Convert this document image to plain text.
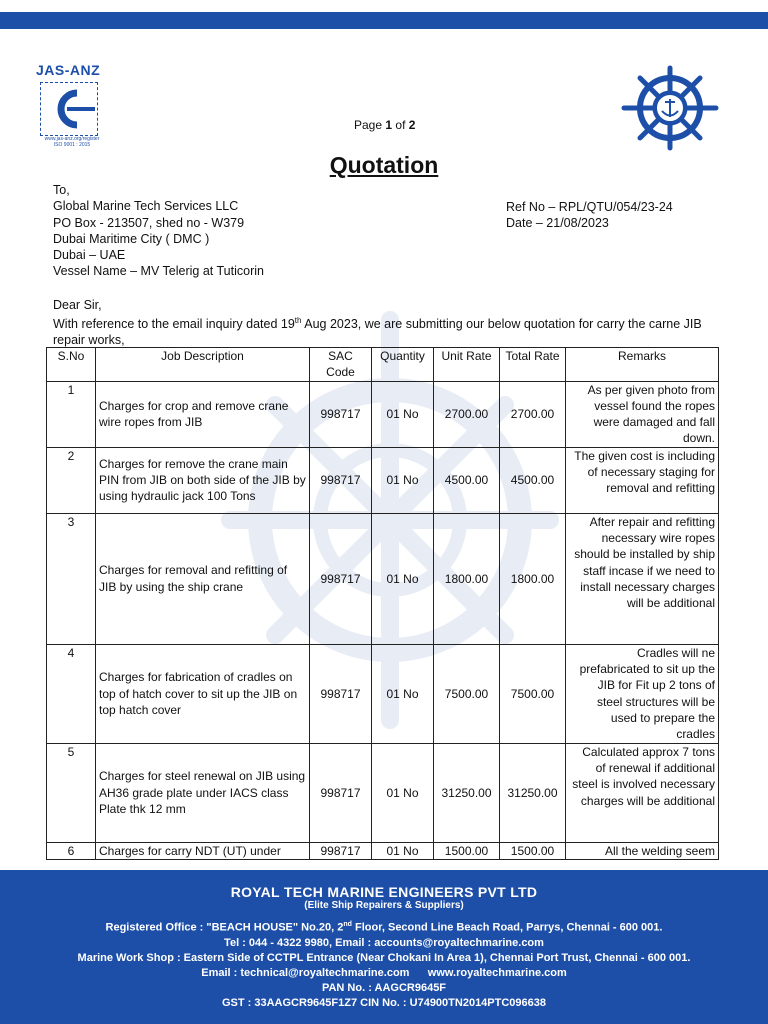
JAS-ANZ
www.jas-anz.org/register
ISO 9001 : 2015
Page 1 of 2
Quotation
To,
Global Marine Tech Services LLC
PO Box - 213507, shed no - W379
Dubai Maritime City ( DMC )
Dubai – UAE
Vessel Name – MV Telerig at Tuticorin
Ref No – RPL/QTU/054/23-24
Date – 21/08/2023
Dear Sir,
With reference to the email inquiry dated 19th Aug 2023, we are submitting our below quotation for carry the carne JIB repair works,
S.No	Job Description	SAC Code	Quantity	Unit Rate	Total Rate	Remarks
1	Charges for crop and remove crane wire ropes from JIB	998717	01 No	2700.00	2700.00	As per given photo from vessel found the ropes were damaged and fall down.
2	Charges for remove the crane main PIN from JIB on both side of the JIB by using hydraulic jack 100 Tons	998717	01 No	4500.00	4500.00	The given cost is including of necessary staging for removal and refitting
3	Charges for removal and refitting of JIB by using the ship crane	998717	01 No	1800.00	1800.00	After repair and refitting necessary wire ropes should be installed by ship staff incase if we need to install necessary charges will be additional
4	Charges for fabrication of cradles on top of hatch cover to sit up the JIB on top hatch cover	998717	01 No	7500.00	7500.00	Cradles will ne prefabricated to sit up the JIB for Fit up 2 tons of steel structures will be used to prepare the cradles
5	Charges for steel renewal on JIB using AH36 grade plate under IACS class Plate thk 12 mm	998717	01 No	31250.00	31250.00	Calculated approx 7 tons of renewal if additional steel is involved necessary charges will be additional
6	Charges for carry NDT (UT) under	998717	01 No	1500.00	1500.00	All the welding seem
ROYAL TECH MARINE ENGINEERS PVT LTD
(Elite Ship Repairers & Suppliers)
Registered Office : "BEACH HOUSE" No.20, 2nd Floor, Second Line Beach Road, Parrys, Chennai - 600 001.
Tel : 044 - 4322 9980, Email : accounts@royaltechmarine.com
Marine Work Shop : Eastern Side of CCTPL Entrance (Near Chokani In Area 1), Chennai Port Trust, Chennai - 600 001.
Email : technical@royaltechmarine.com      www.royaltechmarine.com
PAN No. : AAGCR9645F
GST : 33AAGCR9645F1Z7 CIN No. : U74900TN2014PTC096638
